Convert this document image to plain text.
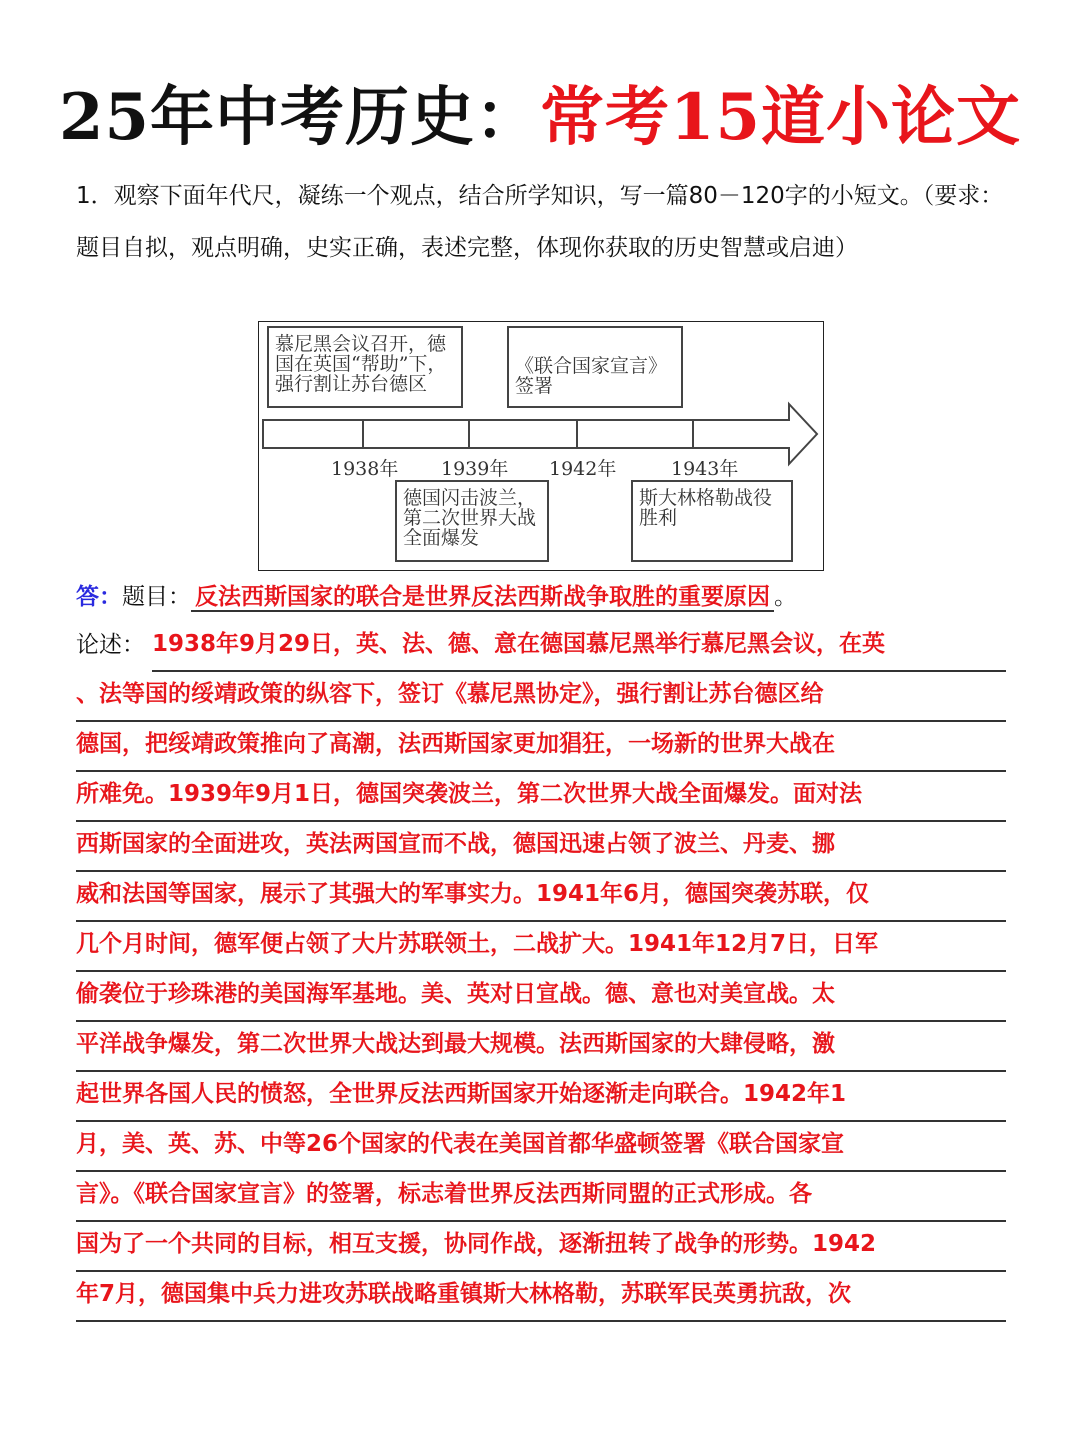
25年中考历史：常考15道小论文

1．观察下面年代尺，凝练一个观点，结合所学知识，写一篇80－120字的小短文。（要求：题目自拟，观点明确，史实正确，表述完整，体现你获取的历史智慧或启迪）

慕尼黑会议召开，德国在英国“帮助”下，强行割让苏台德区
《联合国家宣言》签署
1938年 1939年 1942年	1943年
德国闪击波兰，第二次世界大战全面爆发
斯大林格勒战役胜利
答：题目： 反法西斯国家的联合是世界反法西斯战争取胜的重要原因 。
论述： 1938年9月29日，英、法、德、意在德国慕尼黑举行慕尼黑会议，在英
、法等国的绥靖政策的纵容下，签订《慕尼黑协定》，强行割让苏台德区给
德国，把绥靖政策推向了高潮，法西斯国家更加猖狂，一场新的世界大战在
所难免。1939年9月1日，德国突袭波兰，第二次世界大战全面爆发。面对法
西斯国家的全面进攻，英法两国宣而不战，德国迅速占领了波兰、丹麦、挪
威和法国等国家，展示了其强大的军事实力。1941年6月，德国突袭苏联，仅
几个月时间，德军便占领了大片苏联领土，二战扩大。1941年12月7日，日军
偷袭位于珍珠港的美国海军基地。美、英对日宣战。德、意也对美宣战。太
平洋战争爆发，第二次世界大战达到最大规模。法西斯国家的大肆侵略，激
起世界各国人民的愤怒，全世界反法西斯国家开始逐渐走向联合。1942年1
月，美、英、苏、中等26个国家的代表在美国首都华盛顿签署《联合国家宣
言》。《联合国家宣言》的签署，标志着世界反法西斯同盟的正式形成。各
国为了一个共同的目标，相互支援，协同作战，逐渐扭转了战争的形势。1942
年7月，德国集中兵力进攻苏联战略重镇斯大林格勒，苏联军民英勇抗敌，次
